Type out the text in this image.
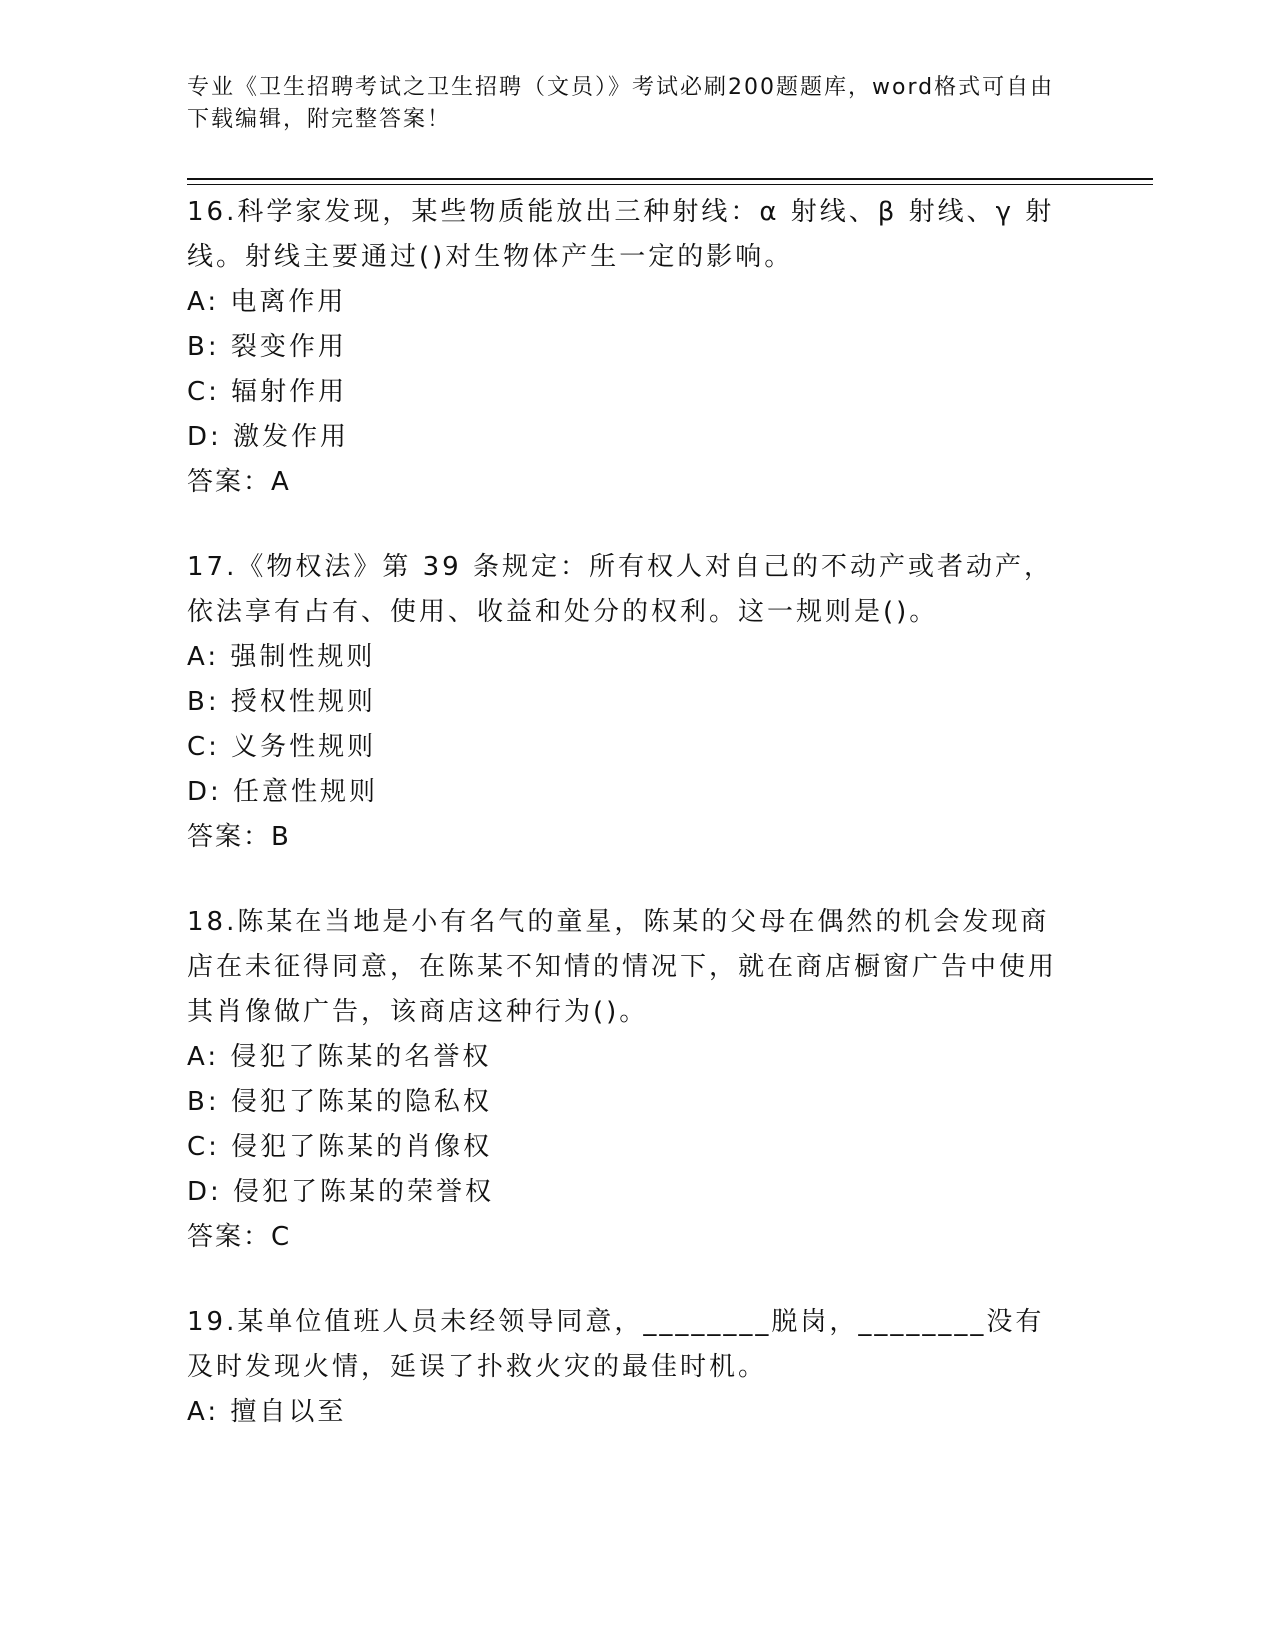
专业《卫生招聘考试之卫生招聘（文员）》考试必刷200题题库，word格式可自由下载编辑，附完整答案！
16.科学家发现，某些物质能放出三种射线：α 射线、β 射线、γ 射线。射线主要通过()对生物体产生一定的影响。
A: 电离作用
B: 裂变作用
C: 辐射作用
D: 激发作用
答案：A
17.《物权法》第 39 条规定：所有权人对自己的不动产或者动产，依法享有占有、使用、收益和处分的权利。这一规则是()。
A: 强制性规则
B: 授权性规则
C: 义务性规则
D: 任意性规则
答案：B
18.陈某在当地是小有名气的童星，陈某的父母在偶然的机会发现商店在未征得同意，在陈某不知情的情况下，就在商店橱窗广告中使用其肖像做广告，该商店这种行为()。
A: 侵犯了陈某的名誉权
B: 侵犯了陈某的隐私权
C: 侵犯了陈某的肖像权
D: 侵犯了陈某的荣誉权
答案：C
19.某单位值班人员未经领导同意，________脱岗，________没有及时发现火情，延误了扑救火灾的最佳时机。
A: 擅自以至
